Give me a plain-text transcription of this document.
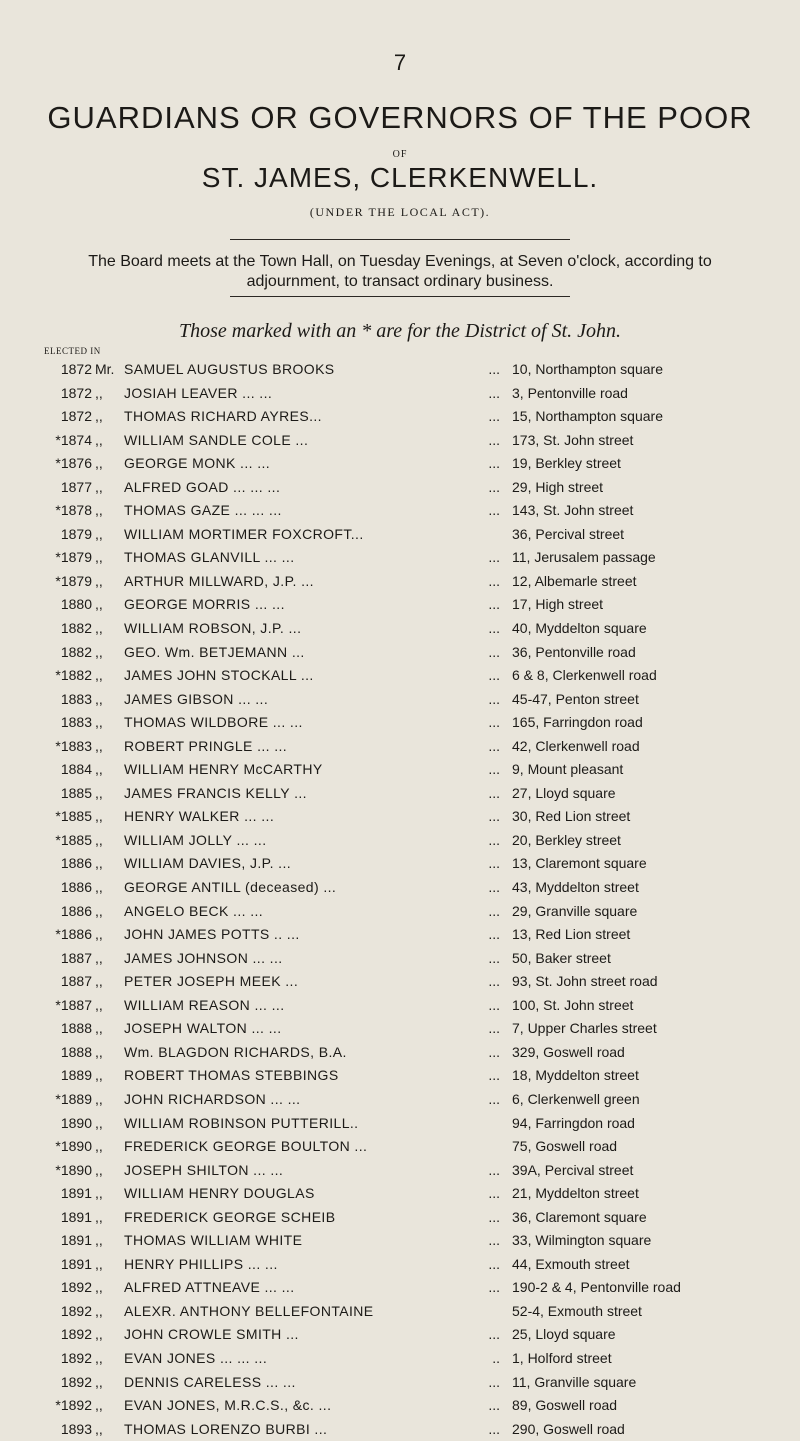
7
GUARDIANS OR GOVERNORS OF THE POOR
OF
ST. JAMES, CLERKENWELL.
(UNDER THE LOCAL ACT).
The Board meets at the Town Hall, on Tuesday Evenings, at Seven o'clock, according to adjournment, to transact ordinary business.
Those marked with an * are for the District of St. John.
ELECTED IN
1872 Mr. SAMUEL AUGUSTUS BROOKS	... 10, Northampton square
1872 ,,	JOSIAH LEAVER ... ...	... 3, Pentonville road
1872 ,,	THOMAS RICHARD AYRES...	... 15, Northampton square
*1874 ,,	WILLIAM SANDLE COLE ...	... 173, St. John street
*1876 ,,	GEORGE MONK ... ...	... 19, Berkley street
1877 ,,	ALFRED GOAD ... ... ...	... 29, High street
*1878 ,,	THOMAS GAZE ... ... ...	... 143, St. John street
1879 ,,	WILLIAM MORTIMER FOXCROFT...	36, Percival street
*1879 ,,	THOMAS GLANVILL ... ...	... 11, Jerusalem passage
*1879 ,,	ARTHUR MILLWARD, J.P. ...	... 12, Albemarle street
1880 ,,	GEORGE MORRIS ... ...	... 17, High street
1882 ,,	WILLIAM ROBSON, J.P. ...	... 40, Myddelton square
1882 ,,	GEO. Wm. BETJEMANN ...	... 36, Pentonville road
*1882 ,,	JAMES JOHN STOCKALL ...	... 6 & 8, Clerkenwell road
1883 ,,	JAMES GIBSON ... ...	... 45-47, Penton street
1883 ,,	THOMAS WILDBORE ... ...	... 165, Farringdon road
*1883 ,,	ROBERT PRINGLE ... ...	... 42, Clerkenwell road
1884 ,,	WILLIAM HENRY McCARTHY	... 9, Mount pleasant
1885 ,,	JAMES FRANCIS KELLY ...	... 27, Lloyd square
*1885 ,,	HENRY WALKER ... ...	... 30, Red Lion street
*1885 ,,	WILLIAM JOLLY ... ...	... 20, Berkley street
1886 ,,	WILLIAM DAVIES, J.P. ...	... 13, Claremont square
1886 ,,	GEORGE ANTILL (deceased) ...	... 43, Myddelton street
1886 ,,	ANGELO BECK ... ...	... 29, Granville square
*1886 ,,	JOHN JAMES POTTS .. ...	... 13, Red Lion street
1887 ,,	JAMES JOHNSON ... ...	... 50, Baker street
1887 ,,	PETER JOSEPH MEEK ...	... 93, St. John street road
*1887 ,,	WILLIAM REASON ... ...	... 100, St. John street
1888 ,,	JOSEPH WALTON ... ...	... 7, Upper Charles street
1888 ,,	Wm. BLAGDON RICHARDS, B.A.	... 329, Goswell road
1889 ,,	ROBERT THOMAS STEBBINGS	... 18, Myddelton street
*1889 ,,	JOHN RICHARDSON ... ...	... 6, Clerkenwell green
1890 ,,	WILLIAM ROBINSON PUTTERILL..	94, Farringdon road
*1890 ,,	FREDERICK GEORGE BOULTON ...	75, Goswell road
*1890 ,,	JOSEPH SHILTON ... ...	... 39A, Percival street
1891 ,,	WILLIAM HENRY DOUGLAS	... 21, Myddelton street
1891 ,,	FREDERICK GEORGE SCHEIB	... 36, Claremont square
1891 ,,	THOMAS WILLIAM WHITE	... 33, Wilmington square
1891 ,,	HENRY PHILLIPS ... ...	... 44, Exmouth street
1892 ,,	ALFRED ATTNEAVE ... ...	... 190-2 & 4, Pentonville road
1892 ,,	ALEXR. ANTHONY BELLEFONTAINE	52-4, Exmouth street
1892 ,,	JOHN CROWLE SMITH ...	... 25, Lloyd square
1892 ,,	EVAN JONES ... ... ...	.. 1, Holford street
1892 ,,	DENNIS CARELESS ... ...	... 11, Granville square
*1892 ,,	EVAN JONES, M.R.C.S., &c. ...	... 89, Goswell road
1893 ,,	THOMAS LORENZO BURBI ...	... 290, Goswell road
